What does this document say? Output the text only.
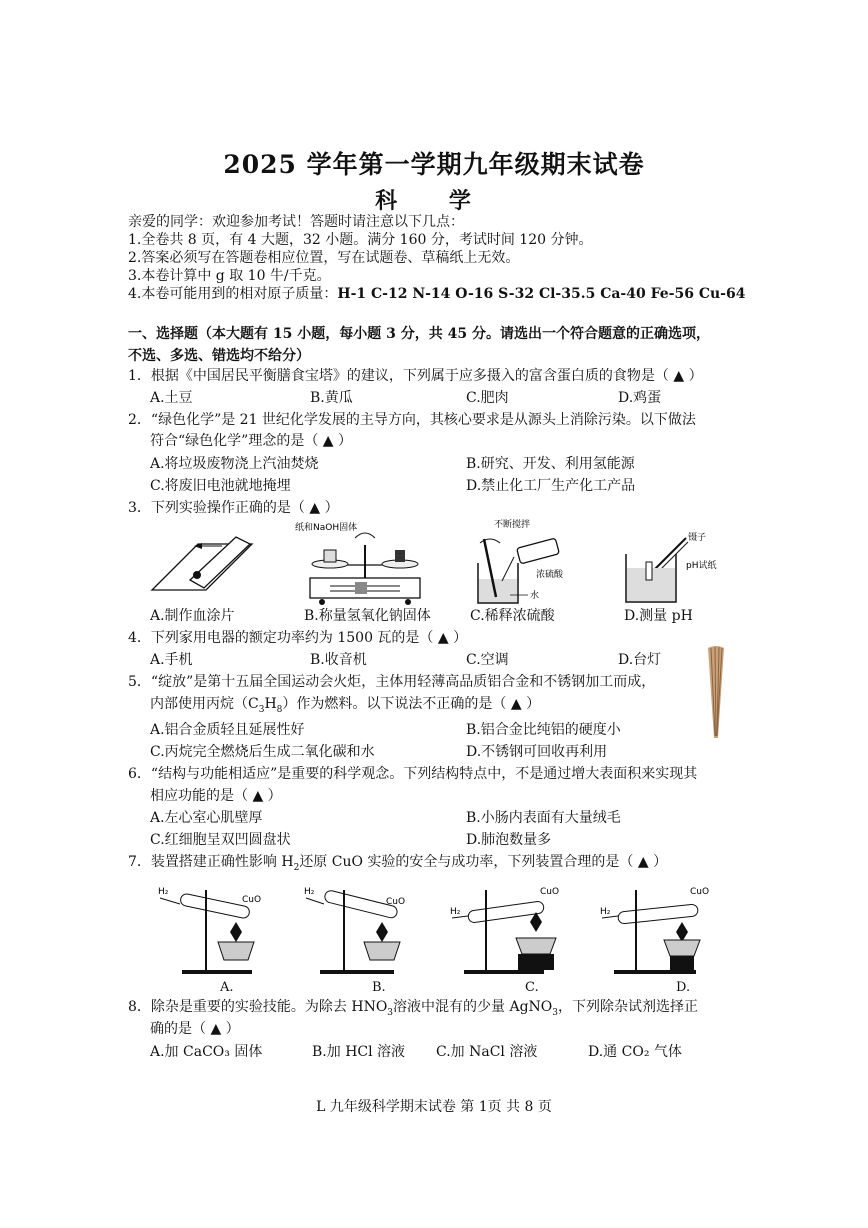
2025 学年第一学期九年级期末试卷
科 学
亲爱的同学：欢迎参加考试！答题时请注意以下几点：
1.全卷共 8 页，有 4 大题，32 小题。满分 160 分，考试时间 120 分钟。
2.答案必须写在答题卷相应位置，写在试题卷、草稿纸上无效。
3.本卷计算中 g 取 10 牛/千克。
4.本卷可能用到的相对原子质量：H-1 C-12 N-14 O-16 S-32 Cl-35.5 Ca-40 Fe-56 Cu-64
一、选择题（本大题有 15 小题，每小题 3 分，共 45 分。请选出一个符合题意的正确选项，
不选、多选、错选均不给分）
1．根据《中国居民平衡膳食宝塔》的建议，下列属于应多摄入的富含蛋白质的食物是（ ▲ ）
A.土豆	B.黄瓜	C.肥肉	D.鸡蛋
2．“绿色化学”是 21 世纪化学发展的主导方向，其核心要求是从源头上消除污染。以下做法
符合“绿色化学”理念的是（ ▲ ）
A.将垃圾废物浇上汽油焚烧	B.研究、开发、利用氢能源
C.将废旧电池就地掩埋	D.禁止化工厂生产化工产品
3．下列实验操作正确的是（ ▲ ）
纸和NaOH固体	不断搅拌
浓硫酸
水
镊子
pH试纸
A.制作血涂片	B.称量氢氧化钠固体	C.稀释浓硫酸	D.测量 pH
4．下列家用电器的额定功率约为 1500 瓦的是（ ▲ ）
A.手机	B.收音机	C.空调	D.台灯
5．“绽放”是第十五届全国运动会火炬，主体用轻薄高品质铝合金和不锈钢加工而成，
内部使用丙烷$(C_3H_8)$作为燃料。以下说法不正确的是（ ▲ ）
A.铝合金质轻且延展性好	B.铝合金比纯铝的硬度小
C.丙烷完全燃烧后生成二氧化碳和水	D.不锈钢可回收再利用
6．“结构与功能相适应”是重要的科学观念。下列结构特点中，不是通过增大表面积来实现其
相应功能的是（ ▲ ）
A.左心室心肌壁厚	B.小肠内表面有大量绒毛
C.红细胞呈双凹圆盘状	D.肺泡数量多
7．装置搭建正确性影响 $H_2$还原 CuO 实验的安全与成功率，下列装置合理的是（ ▲ ）
H₂
CuO
H₂
CuO
H₂
CuO
H₂
CuO
A.	B.	C.	D.
8．除杂是重要的实验技能。为除去 $HNO_3$溶液中混有的少量 AgNO$_3$，下列除杂试剂选择正
确的是（ ▲ ）
A.加 CaCO₃ 固体	B.加 HCl 溶液 C.加 NaCl 溶液	D.通 CO₂ 气体
L 九年级科学期末试卷 第 1页 共 8 页
